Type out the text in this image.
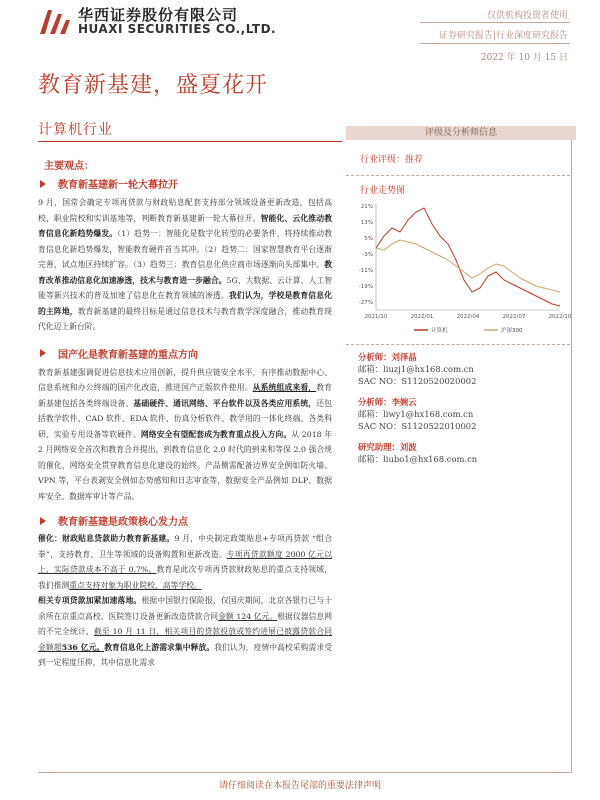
华西证券股份有限公司
HUAXI SECURITIES CO.,LTD.
仅供机构投资者使用
证券研究报告|行业深度研究报告
2022 年 10 月 15 日
教育新基建，盛夏花开
计算机行业
主要观点：
教育新基建新一轮大幕拉开

9 月，国常会确定专项再贷款与财政贴息配套支持部分领域设备更新改造，包括高校、职业院校和实训基地等，判断教育新基建新一轮大幕拉开。智能化、云化推动教育信息化新趋势爆发。（1）趋势一：智能化是数字化转型的必要条件，将持续推动教育信息化新趋势爆发，智能教育硬件首当其冲。（2）趋势二：国家智慧教育平台逐渐完善，试点地区持续扩容。（3）趋势三：教育信息化供应商市场逐渐向头部集中。教育改革推动信息化加速渗透，技术与教育进一步融合。5G、大数据、云计算、人工智能等新兴技术的普及加速了信息化在教育领域的渗透。我们认为，学校是教育信息化的主阵地，教育新基建的最终目标是通过信息技术与教育教学深度融合，推动教育现代化迈上新台阶。

国产化是教育新基建的重点方向

教育新基建强调促进信息技术应用创新，提升供应链安全水平，有序推动数据中心、信息系统和办公终端的国产化改造，推进国产正版软件使用。从系统组成来看，教育新基建包括各类终端设备、基础硬件、通讯网络、平台软件以及各类应用系统，还包括教学软件、CAD 软件、EDA 软件、仿真分析软件、教学用的一体化终端、各类科研、实验专用设备等软硬件。网络安全有望配套成为教育重点投入方向。从 2018 年 2 月网络安全首次和教育合并提出，到教育信息化 2.0 时代的到来和等保 2.0 强合规的催化，网络安全贯穿教育信息化建设的始终。产品侧需配备边界安全例如防火墙、VPN 等，平台表剥安全例如态势感知和日志审查等，数据安全产品例如 DLP、数据库安全、数据库审计等产品。

教育新基建是政策核心发力点

催化：财政贴息贷款助力教育新基建。9 月，中央制定政策贴息+专项再贷款 “组合拳”，支持教育、卫生等领域的设备购置和更新改造。专项再贷款额度 2000 亿元以上，实际贷款成本不高于 0.7%。教育是此次专项再贷款财政贴息的重点支持领域，我们推测重点支持对象为职业院校、高等学校。
相关专项贷款加紧加速落地。根据中国银行保险报，仅国庆期间，北京各银行已与十余所在京重点高校、医院签订设备更新改造贷款合同金额 124 亿元。根据仪器信息网的不完全统计，截至 10 月 11 日，相关项目的贷款投放或签约进展已披露贷款合同金额超536 亿元。教育信息化上游需求集中释放。我们认为，疫情中高校采购需求受到一定程度压抑，其中信息化需求

评级及分析师信息
行业评级：推荐
行业走势图
21%
13%
5%
-3%
-11%
-19%
-27%
2021/10	2022/01	2022/04	2022/07	2022/10
计算机	沪深300
分析师：刘泽晶
邮箱：liuzj1@hx168.com.cn
SAC NO：S1120520020002
分析师：李婉云
邮箱：liwy1@hx168.com.cn
SAC NO：S1120522010002
研究助理：刘波
邮箱：liubo1@hx168.com.cn
请仔细阅读在本报告尾部的重要法律声明
